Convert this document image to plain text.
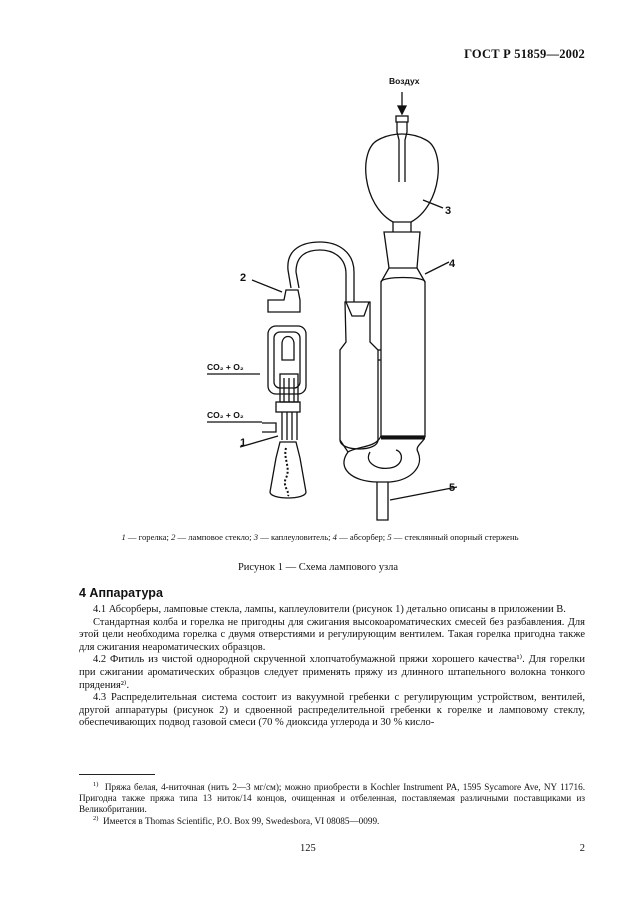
ГОСТ Р 51859—2002
Воздух
CO₂ + O₂
CO₂ + O₂
3
4
2
1
5
1 — горелка; 2 — ламповое стекло; 3 — каплеуловитель; 4 — абсорбер; 5 — стеклянный опорный стержень
Рисунок 1 — Схема лампового узла
4 Аппаратура

4.1 Абсорберы, ламповые стекла, лампы, каплеуловители (рисунок 1) детально описаны в приложении В.

Стандартная колба и горелка не пригодны для сжигания высокоароматических смесей без разбавления. Для этой цели необходима горелка с двумя отверстиями и регулирующим вентилем. Такая горелка пригодна также для сжигания неароматических образцов.

4.2 Фитиль из чистой однородной скрученной хлопчатобумажной пряжи хорошего качества¹⁾. Для горелки при сжигании ароматических образцов следует применять пряжу из длинного штапельного волокна тонкого прядения²⁾.

4.3 Распределительная система состоит из вакуумной гребенки с регулирующим устройством, вентилей, другой аппаратуры (рисунок 2) и сдвоенной распределительной гребенки к горелке и ламповому стеклу, обеспечивающих подвод газовой смеси (70 % диоксида углерода и 30 % кисло-

$^{1)}$ Пряжа белая, 4-ниточная (нить 2—3 мг/см); можно приобрести в Kochler Instrument PA, 1595 Sycamore Ave, NY 11716. Пригодна также пряжа типа 13 ниток/14 концов, очищенная и отбеленная, поставляемая различными поставщиками из Великобритании.
$^{2)}$ Имеется в Thomas Scientific, P.O. Box 99, Swedesbora, VI 08085—0099.
125	2
